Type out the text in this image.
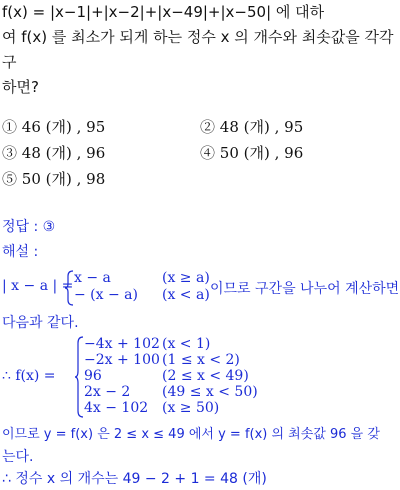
f(x) = |x−1|+|x−2|+|x−49|+|x−50| 에 대하
여 f(x) 를 최소가 되게 하는 정수 x 의 개수와 최솟값을 각각 구
하면?
① 46 (개) , 95	② 48 (개) , 95
③ 48 (개) , 96	④ 50 (개) , 96
⑤ 50 (개) , 98
정답 : ③
해설 :
| x − a | = x − a	(x ≥ a)
− (x − a) (x < a) 이므로 구간을 나누어 계산하면
다음과 같다.
∴ f(x) =
−4x + 102 (x < 1)
−2x + 100 (1 ≤ x < 2)
96	(2 ≤ x < 49)
2x − 2 (49 ≤ x < 50)
4x − 102 (x ≥ 50)
이므로 y = f(x) 은 2 ≤ x ≤ 49 에서 y = f(x) 의 최솟값 96 을 갖
는다.
∴ 정수 x 의 개수는 49 − 2 + 1 = 48 (개)
